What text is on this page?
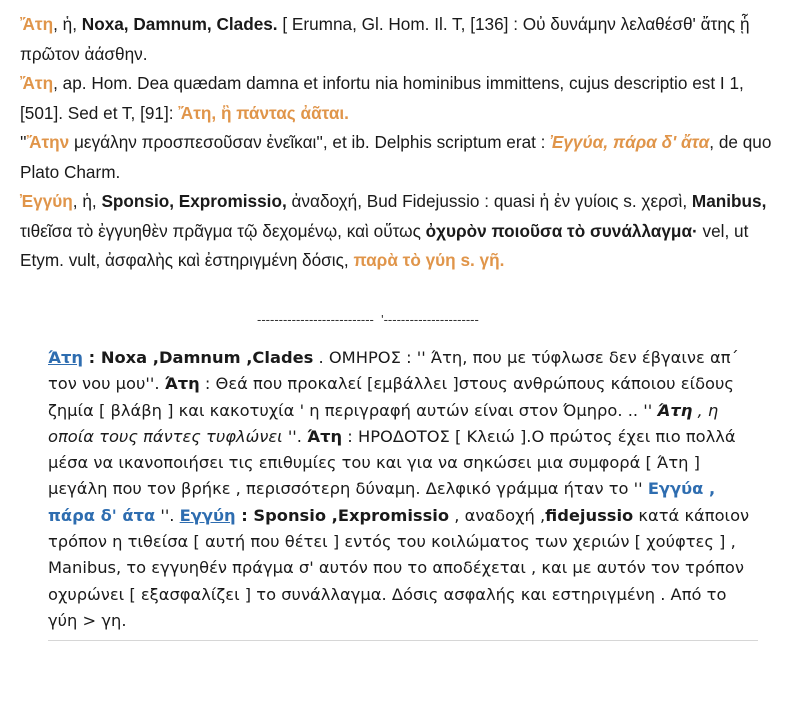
Ἄτη, ἡ, Noxa, Damnum, Clades. [ Erumna, Gl. Hom. Il. T, [136] : Οὐ δυνάμην λελαθέσθ' ἄτης ᾗ πρῶτον ἀάσθην.

Ἄτη, ap. Hom. Dea quædam damna et infortu nia hominibus immittens, cujus descriptio est I 1, [501]. Sed et T, [91]: Ἄτη, ἣ πάντας ἀᾶται.

''Ἄτην μεγάλην προσπεσοῦσαν ἐνεῖκαι'', et ib. Delphis scriptum erat : Ἐγγύα, πάρα δ' ἄτα, de quo Plato Charm.

Ἐγγύη, ἡ, Sponsio, Expromissio, ἀναδοχή, Bud Fidejussio : quasi ἡ ἐν γυίοις s. χερσὶ, Manibus, τιθεῖσα τὸ ἐγγυηθὲν πρᾶγμα τῷ δεχομένῳ, καὶ οὕτως ὀχυρὸν ποιοῦσα τὸ συνάλλαγμα· vel, ut Etym. vult, ἀσφαλὴς καὶ ἐστηριγμένη δόσις, παρὰ τὸ γύη s. γῆ.

---------------------------  '----------------------

Άτη : Noxa ,Damnum ,Clades . ΟΜΗΡΟΣ : '' Άτη, που με τύφλωσε δεν έβγαινε απ΄ τον νου μου''. Άτη : Θεά που προκαλεί [εμβάλλει ]στους ανθρώπους κάποιου είδους ζημία [ βλάβη ] και κακοτυχία ' η περιγραφή αυτών είναι στον Όμηρο. .. '' Άτη , η οποία τους πάντες τυφλώνει ''. Άτη : ΗΡΟΔΟΤΟΣ [ Κλειώ ].Ο πρώτος έχει πιο πολλά μέσα να ικανοποιήσει τις επιθυμίες του και για να σηκώσει μια συμφορά [ Άτη ] μεγάλη που τον βρήκε , περισσότερη δύναμη. Δελφικό γράμμα ήταν το '' Εγγύα , πάρα δ' άτα ''. Εγγύη : Sponsio ,Expromissio , αναδοχή ,fidejussio κατά κάποιον τρόπον η τιθείσα [ αυτή που θέτει ] εντός του κοιλώματος των χεριών [ χούφτες ] , Manibus, το εγγυηθέν πράγμα σ' αυτόν που το αποδέχεται , και με αυτόν τον τρόπον οχυρώνει [ εξασφαλίζει ] το συνάλλαγμα. Δόσις ασφαλής και εστηριγμένη . Από το γύη > γη.
